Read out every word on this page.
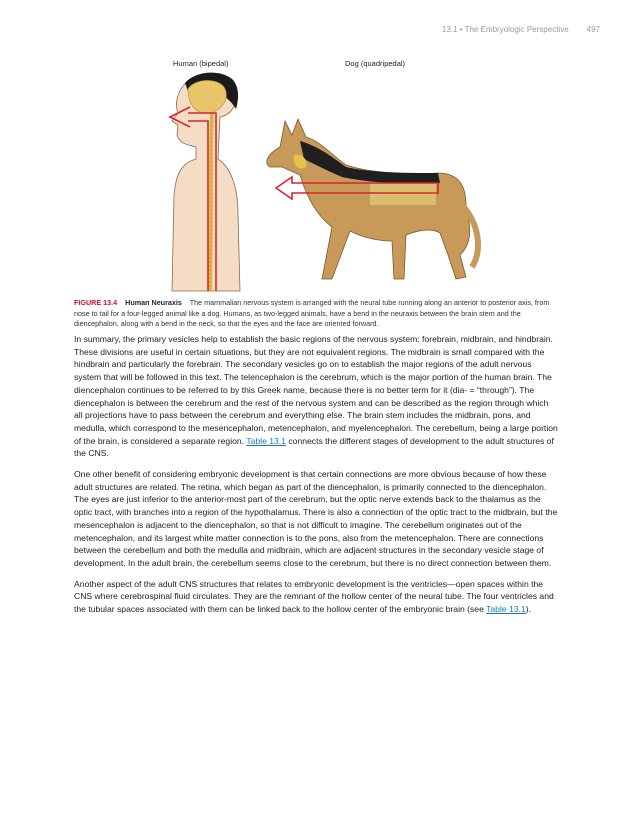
13.1 • The Embryologic Perspective 497
Human (bipedal)	Dog (quadripedal)
FIGURE 13.4 Human Neuraxis The mammalian nervous system is arranged with the neural tube running along an anterior to posterior axis, from nose to tail for a four-legged animal like a dog. Humans, as two-legged animals, have a bend in the neuraxis between the brain stem and the diencephalon, along with a bend in the neck, so that the eyes and the face are oriented forward.

In summary, the primary vesicles help to establish the basic regions of the nervous system: forebrain, midbrain, and hindbrain. These divisions are useful in certain situations, but they are not equivalent regions. The midbrain is small compared with the hindbrain and particularly the forebrain. The secondary vesicles go on to establish the major regions of the adult nervous system that will be followed in this text. The telencephalon is the cerebrum, which is the major portion of the human brain. The diencephalon continues to be referred to by this Greek name, because there is no better term for it (dia- = “through”). The diencephalon is between the cerebrum and the rest of the nervous system and can be described as the region through which all projections have to pass between the cerebrum and everything else. The brain stem includes the midbrain, pons, and medulla, which correspond to the mesencephalon, metencephalon, and myelencephalon. The cerebellum, being a large portion of the brain, is considered a separate region. Table 13.1 connects the different stages of development to the adult structures of the CNS.

One other benefit of considering embryonic development is that certain connections are more obvious because of how these adult structures are related. The retina, which began as part of the diencephalon, is primarily connected to the diencephalon. The eyes are just inferior to the anterior-most part of the cerebrum, but the optic nerve extends back to the thalamus as the optic tract, with branches into a region of the hypothalamus. There is also a connection of the optic tract to the midbrain, but the mesencephalon is adjacent to the diencephalon, so that is not difficult to imagine. The cerebellum originates out of the metencephalon, and its largest white matter connection is to the pons, also from the metencephalon. There are connections between the cerebellum and both the medulla and midbrain, which are adjacent structures in the secondary vesicle stage of development. In the adult brain, the cerebellum seems close to the cerebrum, but there is no direct connection between them.

Another aspect of the adult CNS structures that relates to embryonic development is the ventricles—open spaces within the CNS where cerebrospinal fluid circulates. They are the remnant of the hollow center of the neural tube. The four ventricles and the tubular spaces associated with them can be linked back to the hollow center of the embryonic brain (see Table 13.1).
